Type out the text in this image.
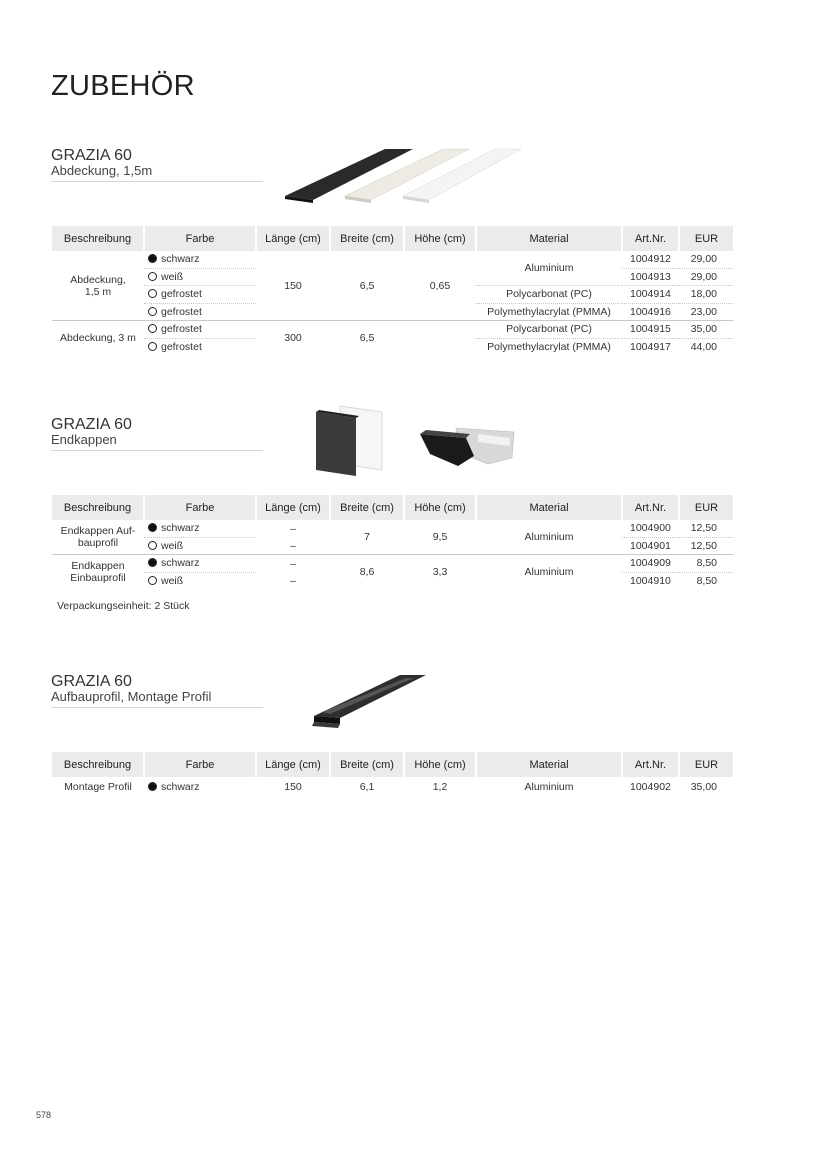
ZUBEHÖR
GRAZIA 60
Abdeckung, 1,5m
Beschreibung	Farbe	Länge (cm)	Breite (cm)	Höhe (cm)	Material	Art.Nr.	EUR
Abdeckung, 1,5 m	schwarz	150	6,5	0,65	Aluminium	1004912	29,00
	weiß					1004913	29,00
	gefrostet				Polycarbonat (PC)	1004914	18,00
	gefrostet				Polymethylacrylat (PMMA)	1004916	23,00
Abdeckung, 3 m	gefrostet	300	6,5		Polycarbonat (PC)	1004915	35,00
	gefrostet				Polymethylacrylat (PMMA)	1004917	44,00
GRAZIA 60
Endkappen
Beschreibung	Farbe	Länge (cm)	Breite (cm)	Höhe (cm)	Material	Art.Nr.	EUR
Endkappen Auf-bauprofil	schwarz	–	7	9,5	Aluminium	1004900	12,50
	weiß	–				1004901	12,50
Endkappen Einbauprofil	schwarz	–	8,6	3,3	Aluminium	1004909	8,50
	weiß	–				1004910	8,50
Verpackungseinheit: 2 Stück
GRAZIA 60
Aufbauprofil, Montage Profil
Beschreibung	Farbe	Länge (cm)	Breite (cm)	Höhe (cm)	Material	Art.Nr.	EUR
Montage Profil	schwarz	150	6,1	1,2	Aluminium	1004902	35,00
578
